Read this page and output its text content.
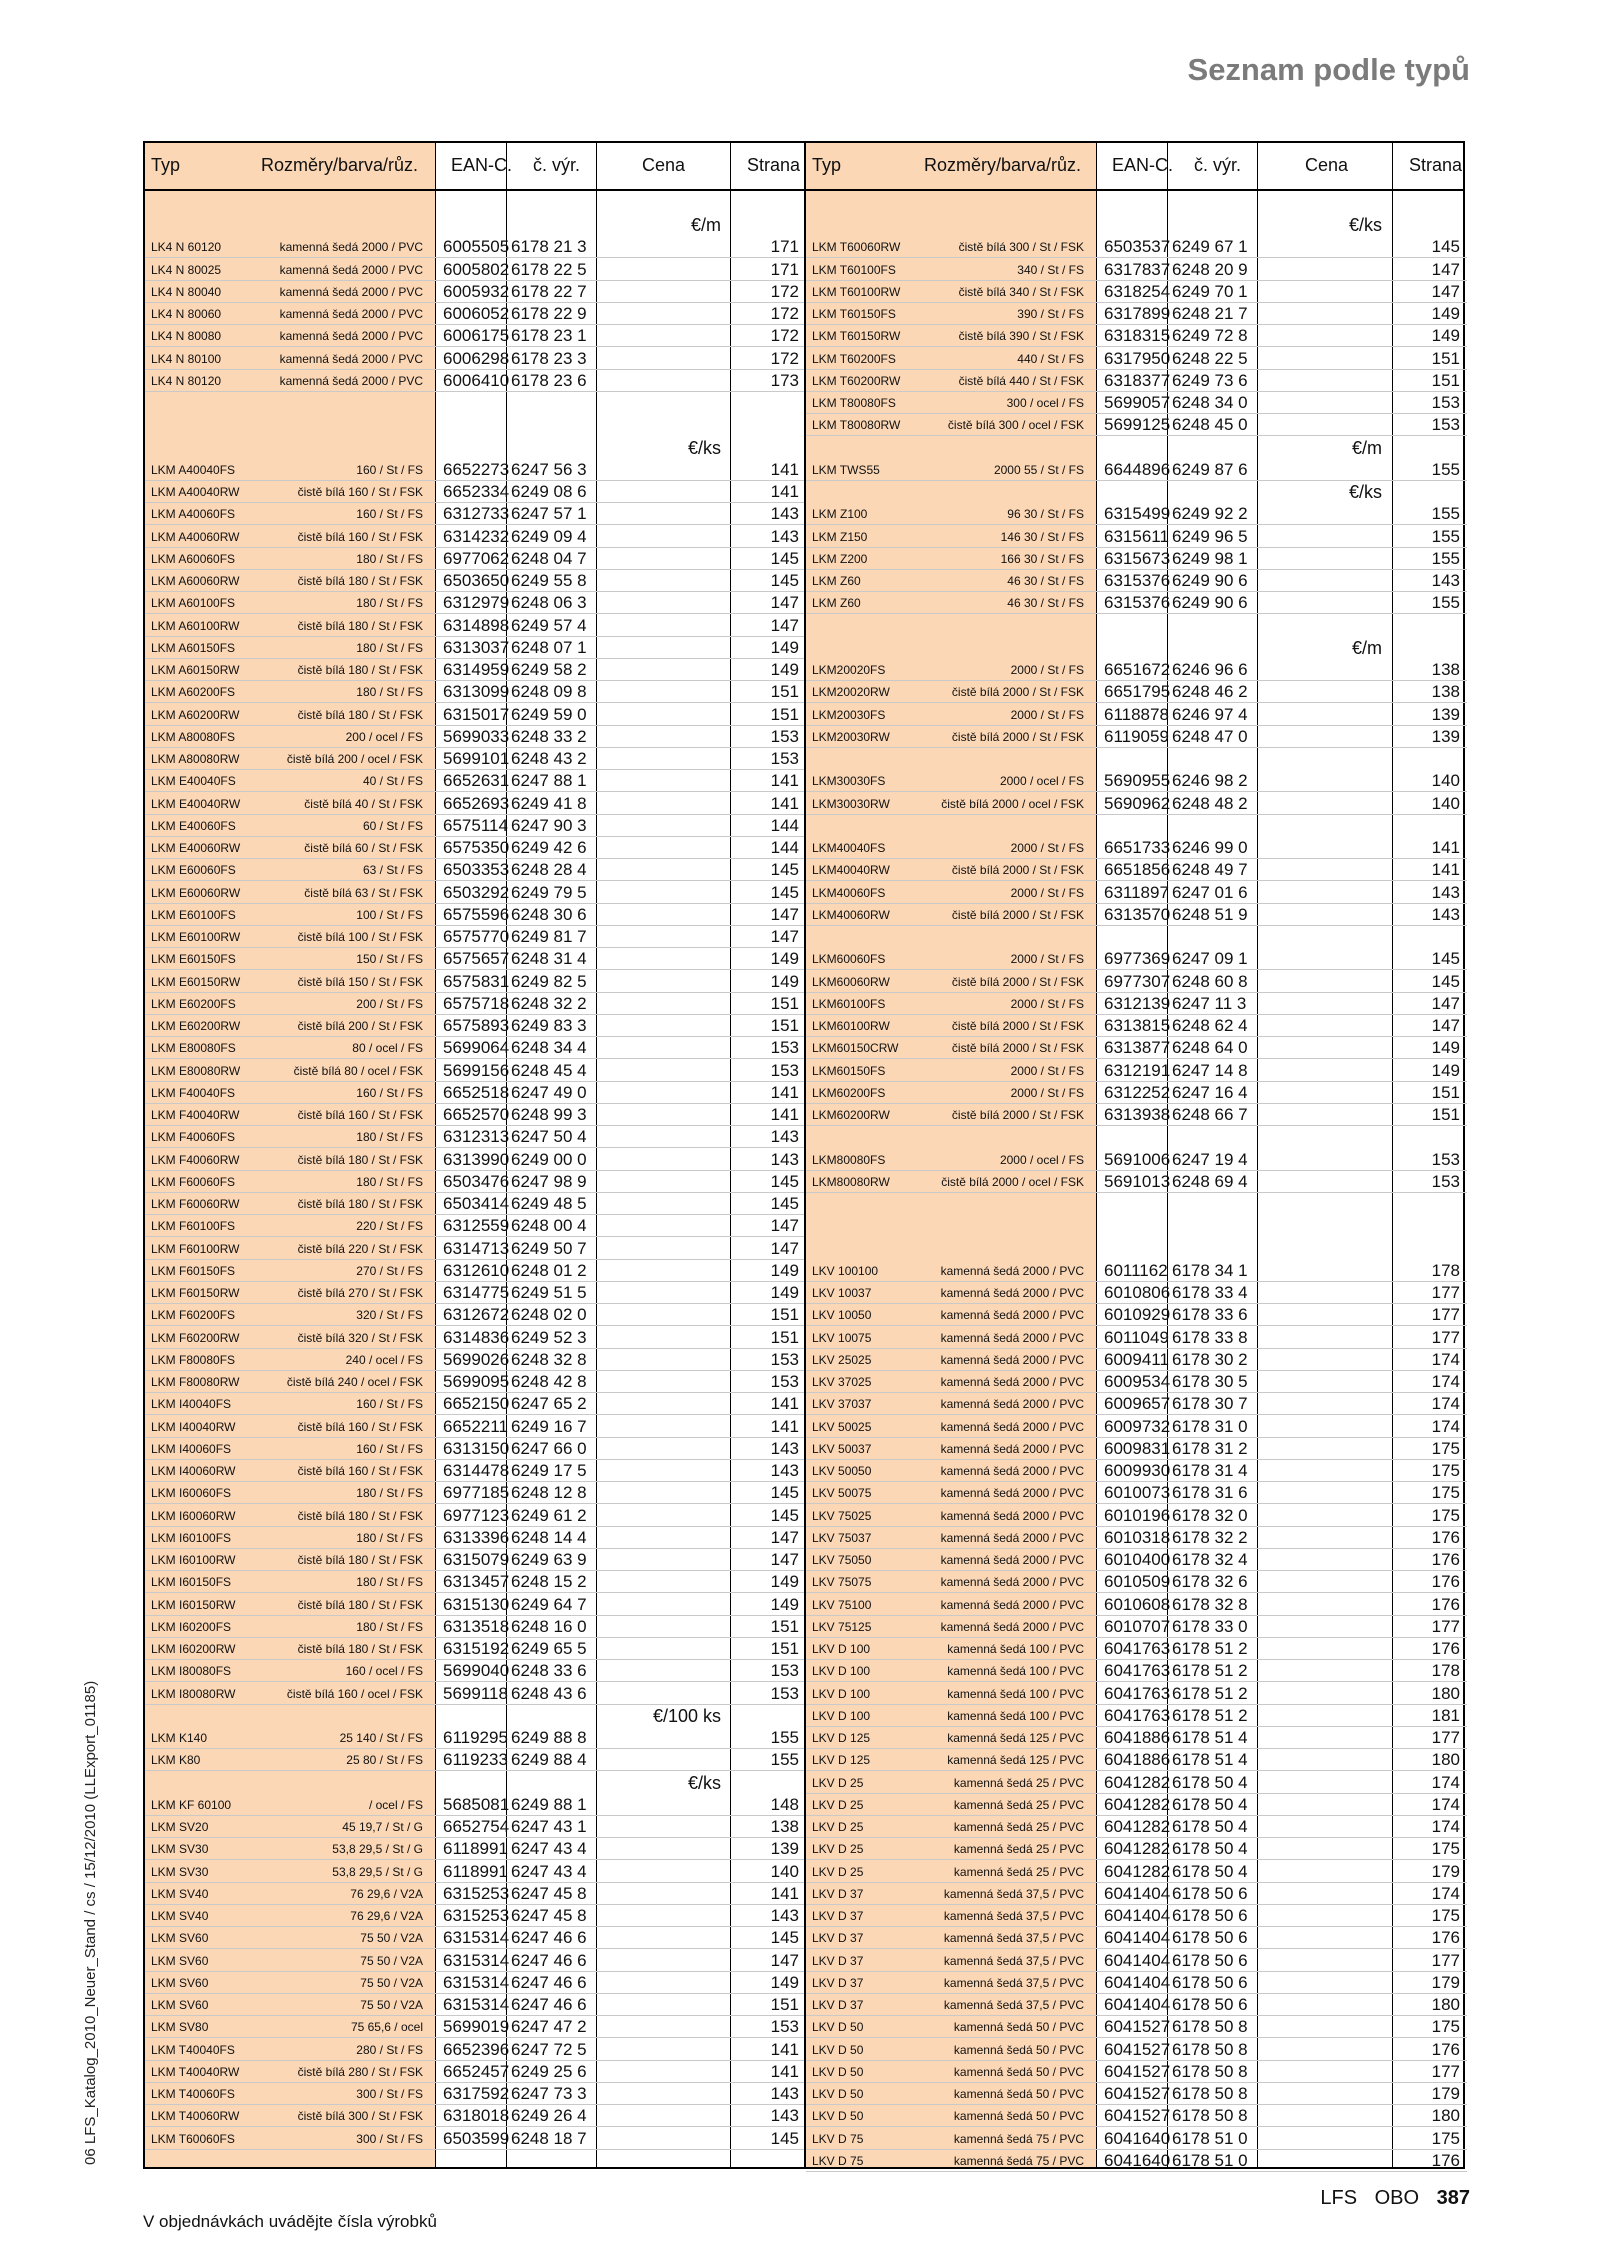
Seznam podle typů
06 LFS_Katalog_2010_Neuer_Stand / cs / 15/12/2010 (LLExport_01185)
Typ	Rozměry/barva/růz. EAN-C. č. výr.	Cena	Strana Typ	Rozměry/barva/růz. EAN-C. č. výr.	Cena	Strana
€/m
LK4 N 60120	kamenná šedá 2000 / PVC 6005505 6178 21 3	171
LK4 N 80025	kamenná šedá 2000 / PVC 6005802 6178 22 5	171
LK4 N 80040	kamenná šedá 2000 / PVC 6005932 6178 22 7	172
LK4 N 80060	kamenná šedá 2000 / PVC 6006052 6178 22 9	172
LK4 N 80080	kamenná šedá 2000 / PVC 6006175 6178 23 1	172
LK4 N 80100	kamenná šedá 2000 / PVC 6006298 6178 23 3	172
LK4 N 80120	kamenná šedá 2000 / PVC 6006410 6178 23 6	173
€/ks
LKM A40040FS	160 / St / FS 6652273 6247 56 3	141
LKM A40040RW	čistě bílá 160 / St / FSK 6652334 6249 08 6	141
LKM A40060FS	160 / St / FS 6312733 6247 57 1	143
LKM A40060RW	čistě bílá 160 / St / FSK 6314232 6249 09 4	143
LKM A60060FS	180 / St / FS 6977062 6248 04 7	145
LKM A60060RW	čistě bílá 180 / St / FSK 6503650 6249 55 8	145
LKM A60100FS	180 / St / FS 6312979 6248 06 3	147
LKM A60100RW	čistě bílá 180 / St / FSK 6314898 6249 57 4	147
LKM A60150FS	180 / St / FS 6313037 6248 07 1	149
LKM A60150RW	čistě bílá 180 / St / FSK 6314959 6249 58 2	149
LKM A60200FS	180 / St / FS 6313099 6248 09 8	151
LKM A60200RW	čistě bílá 180 / St / FSK 6315017 6249 59 0	151
LKM A80080FS	200 / ocel / FS 5699033 6248 33 2	153
LKM A80080RW	čistě bílá 200 / ocel / FSK 5699101 6248 43 2	153
LKM E40040FS	40 / St / FS 6652631 6247 88 1	141
LKM E40040RW	čistě bílá 40 / St / FSK 6652693 6249 41 8	141
LKM E40060FS	60 / St / FS 6575114 6247 90 3	144
LKM E40060RW	čistě bílá 60 / St / FSK 6575350 6249 42 6	144
LKM E60060FS	63 / St / FS 6503353 6248 28 4	145
LKM E60060RW	čistě bílá 63 / St / FSK 6503292 6249 79 5	145
LKM E60100FS	100 / St / FS 6575596 6248 30 6	147
LKM E60100RW	čistě bílá 100 / St / FSK 6575770 6249 81 7	147
LKM E60150FS	150 / St / FS 6575657 6248 31 4	149
LKM E60150RW	čistě bílá 150 / St / FSK 6575831 6249 82 5	149
LKM E60200FS	200 / St / FS 6575718 6248 32 2	151
LKM E60200RW	čistě bílá 200 / St / FSK 6575893 6249 83 3	151
LKM E80080FS	80 / ocel / FS 5699064 6248 34 4	153
LKM E80080RW	čistě bílá 80 / ocel / FSK 5699156 6248 45 4	153
LKM F40040FS	160 / St / FS 6652518 6247 49 0	141
LKM F40040RW	čistě bílá 160 / St / FSK 6652570 6248 99 3	141
LKM F40060FS	180 / St / FS 6312313 6247 50 4	143
LKM F40060RW	čistě bílá 180 / St / FSK 6313990 6249 00 0	143
LKM F60060FS	180 / St / FS 6503476 6247 98 9	145
LKM F60060RW	čistě bílá 180 / St / FSK 6503414 6249 48 5	145
LKM F60100FS	220 / St / FS 6312559 6248 00 4	147
LKM F60100RW	čistě bílá 220 / St / FSK 6314713 6249 50 7	147
LKM F60150FS	270 / St / FS 6312610 6248 01 2	149
LKM F60150RW	čistě bílá 270 / St / FSK 6314775 6249 51 5	149
LKM F60200FS	320 / St / FS 6312672 6248 02 0	151
LKM F60200RW	čistě bílá 320 / St / FSK 6314836 6249 52 3	151
LKM F80080FS	240 / ocel / FS 5699026 6248 32 8	153
LKM F80080RW	čistě bílá 240 / ocel / FSK 5699095 6248 42 8	153
LKM I40040FS	160 / St / FS 6652150 6247 65 2	141
LKM I40040RW	čistě bílá 160 / St / FSK 6652211 6249 16 7	141
LKM I40060FS	160 / St / FS 6313150 6247 66 0	143
LKM I40060RW	čistě bílá 160 / St / FSK 6314478 6249 17 5	143
LKM I60060FS	180 / St / FS 6977185 6248 12 8	145
LKM I60060RW	čistě bílá 180 / St / FSK 6977123 6249 61 2	145
LKM I60100FS	180 / St / FS 6313396 6248 14 4	147
LKM I60100RW	čistě bílá 180 / St / FSK 6315079 6249 63 9	147
LKM I60150FS	180 / St / FS 6313457 6248 15 2	149
LKM I60150RW	čistě bílá 180 / St / FSK 6315130 6249 64 7	149
LKM I60200FS	180 / St / FS 6313518 6248 16 0	151
LKM I60200RW	čistě bílá 180 / St / FSK 6315192 6249 65 5	151
LKM I80080FS	160 / ocel / FS 5699040 6248 33 6	153
LKM I80080RW	čistě bílá 160 / ocel / FSK 5699118 6248 43 6	153
€/100 ks
LKM K140	25 140 / St / FS 6119295 6249 88 8	155
LKM K80	25 80 / St / FS 6119233 6249 88 4	155
€/ks
LKM KF 60100	/ ocel / FS 5685081 6249 88 1	148
LKM SV20	45 19,7 / St / G 6652754 6247 43 1	138
LKM SV30	53,8 29,5 / St / G 6118991 6247 43 4	139
LKM SV30	53,8 29,5 / St / G 6118991 6247 43 4	140
LKM SV40	76 29,6 / V2A 6315253 6247 45 8	141
LKM SV40	76 29,6 / V2A 6315253 6247 45 8	143
LKM SV60	75 50 / V2A 6315314 6247 46 6	145
LKM SV60	75 50 / V2A 6315314 6247 46 6	147
LKM SV60	75 50 / V2A 6315314 6247 46 6	149
LKM SV60	75 50 / V2A 6315314 6247 46 6	151
LKM SV80	75 65,6 / ocel 5699019 6247 47 2	153
LKM T40040FS	280 / St / FS 6652396 6247 72 5	141
LKM T40040RW	čistě bílá 280 / St / FSK 6652457 6249 25 6	141
LKM T40060FS	300 / St / FS 6317592 6247 73 3	143
LKM T40060RW	čistě bílá 300 / St / FSK 6318018 6249 26 4	143
LKM T60060FS	300 / St / FS 6503599 6248 18 7	145
€/ks
LKM T60060RW	čistě bílá 300 / St / FSK 6503537 6249 67 1	145
LKM T60100FS	340 / St / FS 6317837 6248 20 9	147
LKM T60100RW	čistě bílá 340 / St / FSK 6318254 6249 70 1	147
LKM T60150FS	390 / St / FS 6317899 6248 21 7	149
LKM T60150RW	čistě bílá 390 / St / FSK 6318315 6249 72 8	149
LKM T60200FS	440 / St / FS 6317950 6248 22 5	151
LKM T60200RW	čistě bílá 440 / St / FSK 6318377 6249 73 6	151
LKM T80080FS	300 / ocel / FS 5699057 6248 34 0	153
LKM T80080RW	čistě bílá 300 / ocel / FSK 5699125 6248 45 0	153
€/m
LKM TWS55	2000 55 / St / FS 6644896 6249 87 6	155
€/ks
LKM Z100	96 30 / St / FS 6315499 6249 92 2	155
LKM Z150	146 30 / St / FS 6315611 6249 96 5	155
LKM Z200	166 30 / St / FS 6315673 6249 98 1	155
LKM Z60	46 30 / St / FS 6315376 6249 90 6	143
LKM Z60	46 30 / St / FS 6315376 6249 90 6	155
€/m
LKM20020FS	2000 / St / FS 6651672 6246 96 6	138
LKM20020RW	čistě bílá 2000 / St / FSK 6651795 6248 46 2	138
LKM20030FS	2000 / St / FS 6118878 6246 97 4	139
LKM20030RW	čistě bílá 2000 / St / FSK 6119059 6248 47 0	139
LKM30030FS	2000 / ocel / FS 5690955 6246 98 2	140
LKM30030RW	čistě bílá 2000 / ocel / FSK 5690962 6248 48 2	140
LKM40040FS	2000 / St / FS 6651733 6246 99 0	141
LKM40040RW	čistě bílá 2000 / St / FSK 6651856 6248 49 7	141
LKM40060FS	2000 / St / FS 6311897 6247 01 6	143
LKM40060RW	čistě bílá 2000 / St / FSK 6313570 6248 51 9	143
LKM60060FS	2000 / St / FS 6977369 6247 09 1	145
LKM60060RW	čistě bílá 2000 / St / FSK 6977307 6248 60 8	145
LKM60100FS	2000 / St / FS 6312139 6247 11 3	147
LKM60100RW	čistě bílá 2000 / St / FSK 6313815 6248 62 4	147
LKM60150CRW	čistě bílá 2000 / St / FSK 6313877 6248 64 0	149
LKM60150FS	2000 / St / FS 6312191 6247 14 8	149
LKM60200FS	2000 / St / FS 6312252 6247 16 4	151
LKM60200RW	čistě bílá 2000 / St / FSK 6313938 6248 66 7	151
LKM80080FS	2000 / ocel / FS 5691006 6247 19 4	153
LKM80080RW	čistě bílá 2000 / ocel / FSK 5691013 6248 69 4	153
LKV 100100	kamenná šedá 2000 / PVC 6011162 6178 34 1	178
LKV 10037	kamenná šedá 2000 / PVC 6010806 6178 33 4	177
LKV 10050	kamenná šedá 2000 / PVC 6010929 6178 33 6	177
LKV 10075	kamenná šedá 2000 / PVC 6011049 6178 33 8	177
LKV 25025	kamenná šedá 2000 / PVC 6009411 6178 30 2	174
LKV 37025	kamenná šedá 2000 / PVC 6009534 6178 30 5	174
LKV 37037	kamenná šedá 2000 / PVC 6009657 6178 30 7	174
LKV 50025	kamenná šedá 2000 / PVC 6009732 6178 31 0	174
LKV 50037	kamenná šedá 2000 / PVC 6009831 6178 31 2	175
LKV 50050	kamenná šedá 2000 / PVC 6009930 6178 31 4	175
LKV 50075	kamenná šedá 2000 / PVC 6010073 6178 31 6	175
LKV 75025	kamenná šedá 2000 / PVC 6010196 6178 32 0	175
LKV 75037	kamenná šedá 2000 / PVC 6010318 6178 32 2	176
LKV 75050	kamenná šedá 2000 / PVC 6010400 6178 32 4	176
LKV 75075	kamenná šedá 2000 / PVC 6010509 6178 32 6	176
LKV 75100	kamenná šedá 2000 / PVC 6010608 6178 32 8	176
LKV 75125	kamenná šedá 2000 / PVC 6010707 6178 33 0	177
LKV D 100	kamenná šedá 100 / PVC 6041763 6178 51 2	176
LKV D 100	kamenná šedá 100 / PVC 6041763 6178 51 2	178
LKV D 100	kamenná šedá 100 / PVC 6041763 6178 51 2	180
LKV D 100	kamenná šedá 100 / PVC 6041763 6178 51 2	181
LKV D 125	kamenná šedá 125 / PVC 6041886 6178 51 4	177
LKV D 125	kamenná šedá 125 / PVC 6041886 6178 51 4	180
LKV D 25	kamenná šedá 25 / PVC 6041282 6178 50 4	174
LKV D 25	kamenná šedá 25 / PVC 6041282 6178 50 4	174
LKV D 25	kamenná šedá 25 / PVC 6041282 6178 50 4	174
LKV D 25	kamenná šedá 25 / PVC 6041282 6178 50 4	175
LKV D 25	kamenná šedá 25 / PVC 6041282 6178 50 4	179
LKV D 37	kamenná šedá 37,5 / PVC 6041404 6178 50 6	174
LKV D 37	kamenná šedá 37,5 / PVC 6041404 6178 50 6	175
LKV D 37	kamenná šedá 37,5 / PVC 6041404 6178 50 6	176
LKV D 37	kamenná šedá 37,5 / PVC 6041404 6178 50 6	177
LKV D 37	kamenná šedá 37,5 / PVC 6041404 6178 50 6	179
LKV D 37	kamenná šedá 37,5 / PVC 6041404 6178 50 6	180
LKV D 50	kamenná šedá 50 / PVC 6041527 6178 50 8	175
LKV D 50	kamenná šedá 50 / PVC 6041527 6178 50 8	176
LKV D 50	kamenná šedá 50 / PVC 6041527 6178 50 8	177
LKV D 50	kamenná šedá 50 / PVC 6041527 6178 50 8	179
LKV D 50	kamenná šedá 50 / PVC 6041527 6178 50 8	180
LKV D 75	kamenná šedá 75 / PVC 6041640 6178 51 0	175
LKV D 75	kamenná šedá 75 / PVC 6041640 6178 51 0	176
V objednávkách uvádějte čísla výrobků
LFS OBO 387
